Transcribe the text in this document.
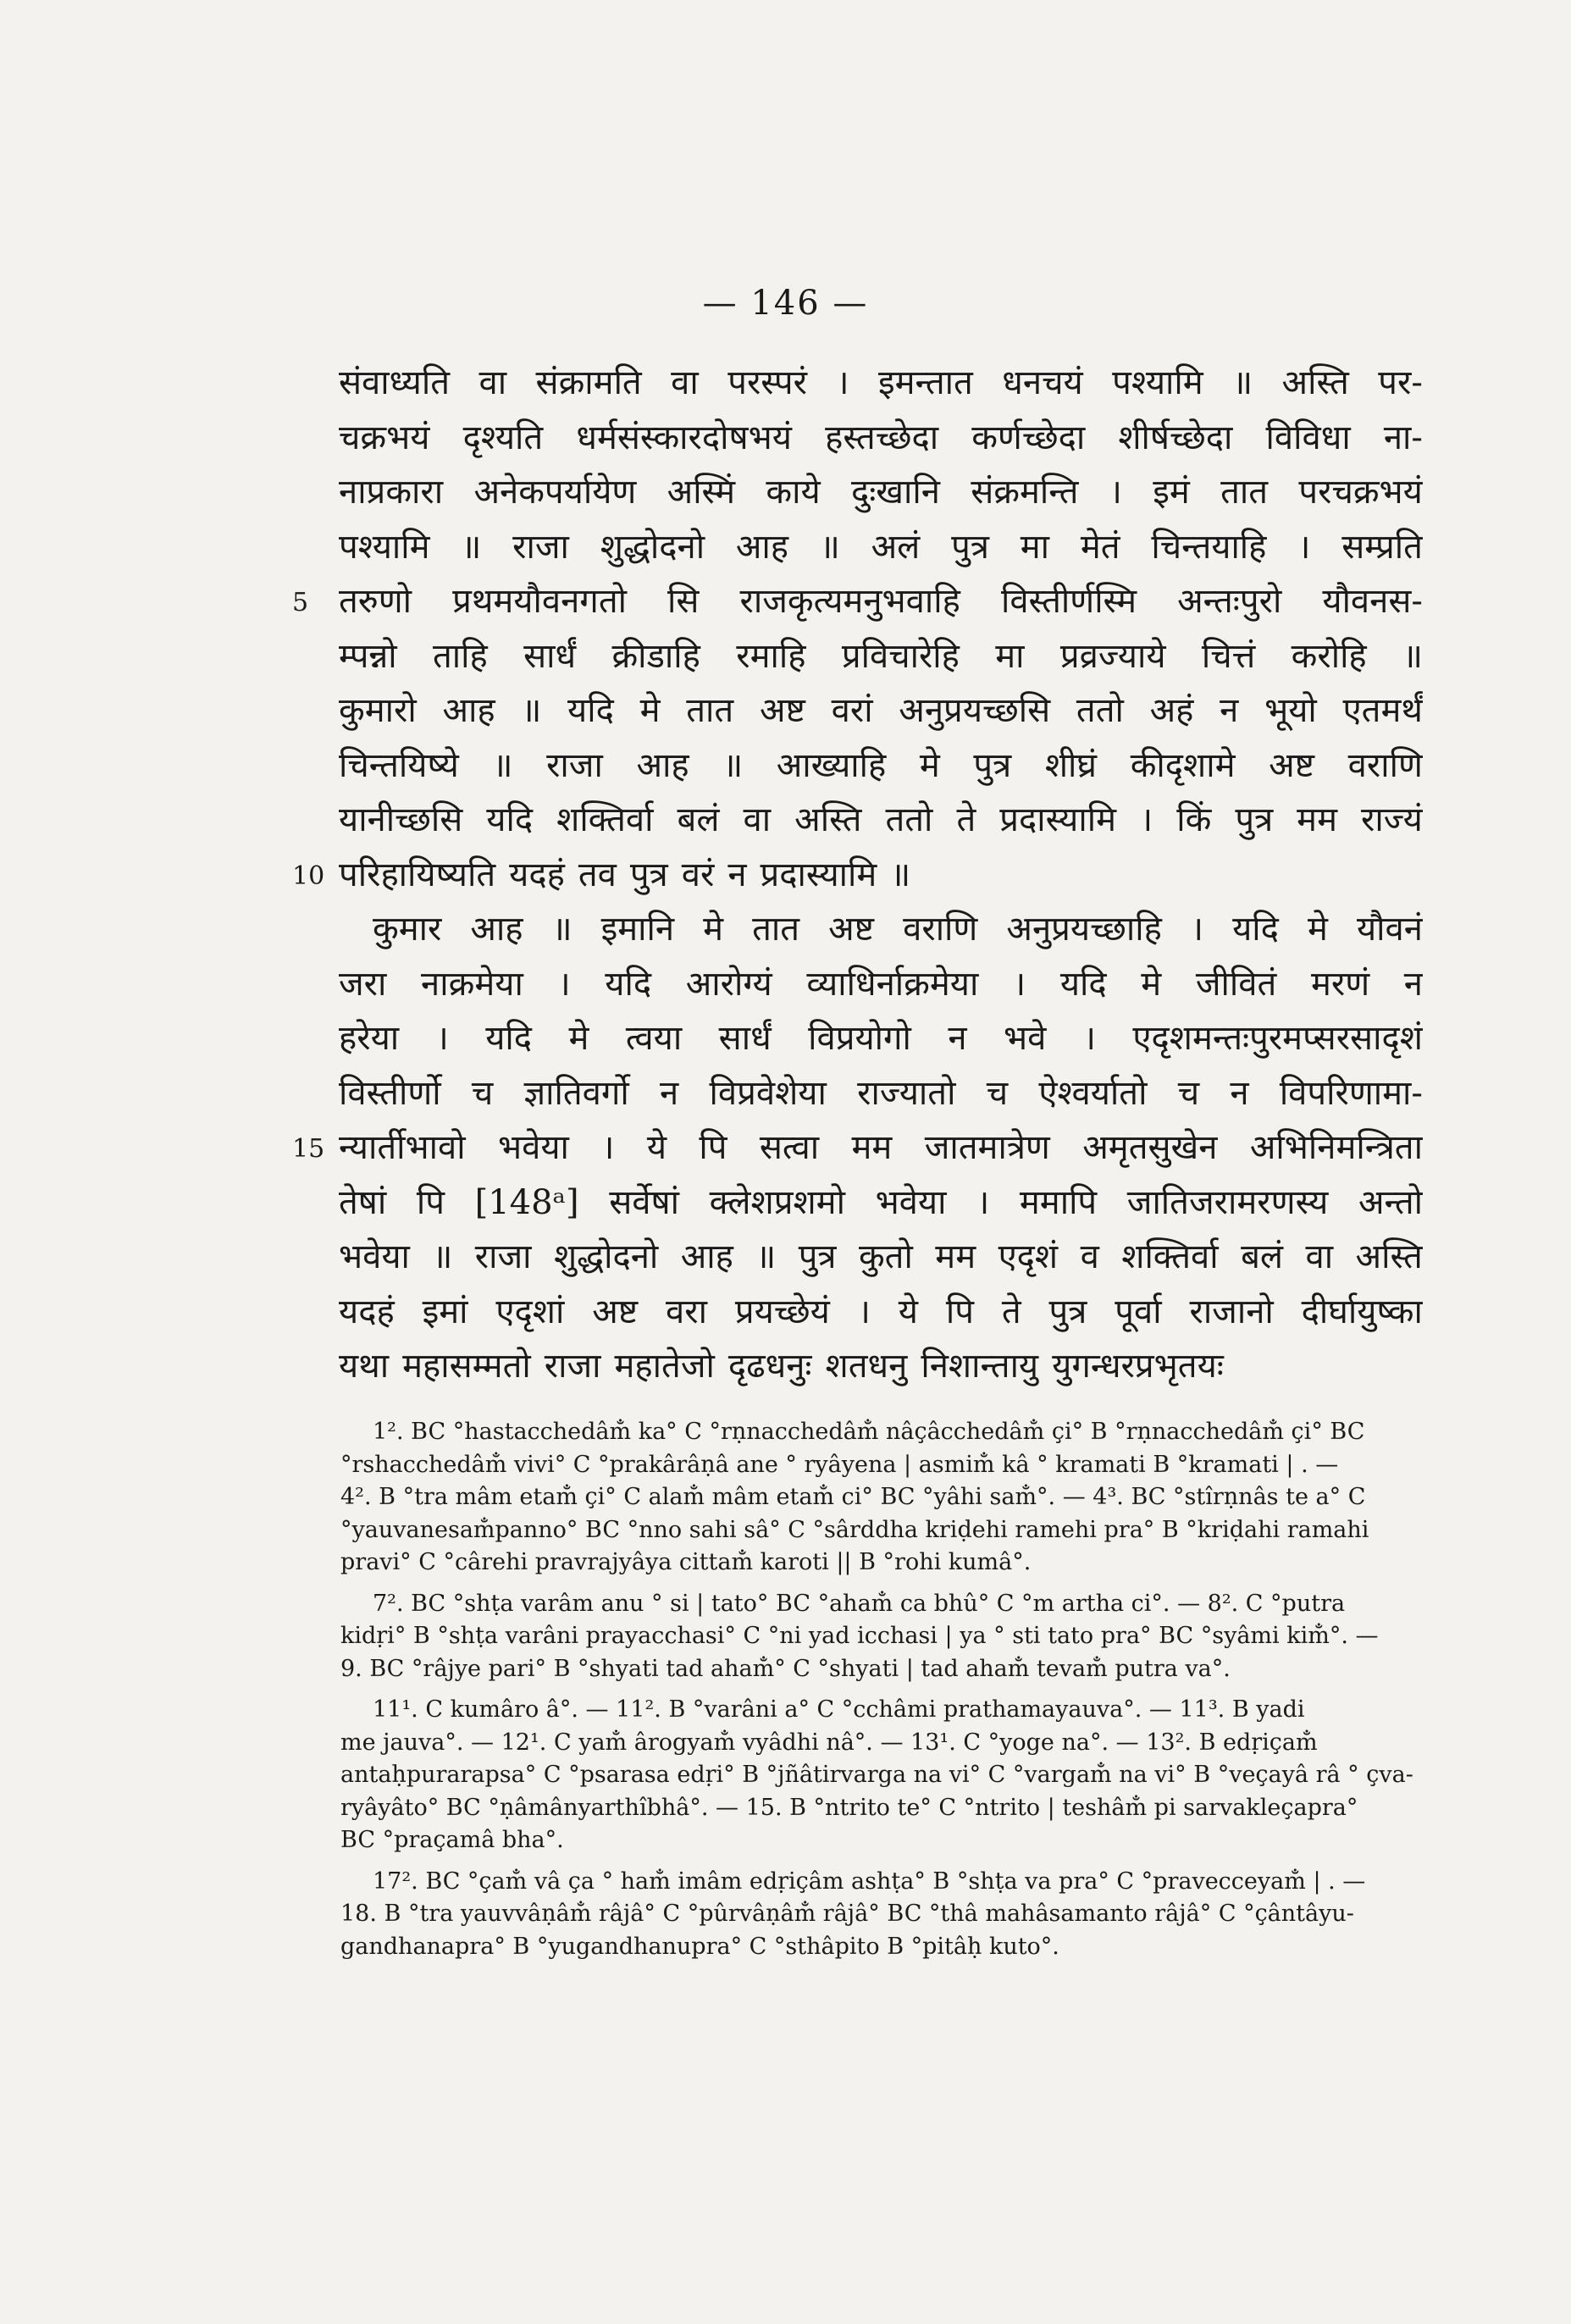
— 146 —
संवाध्यति वा संक्रामति वा परस्परं । इमन्तात धनचयं पश्यामि ॥ अस्ति पर-
चक्रभयं दृश्यति धर्मसंस्कारदोषभयं हस्तच्छेदा कर्णच्छेदा शीर्षच्छेदा विविधा ना-
नाप्रकारा अनेकपर्यायेण अस्मिं काये दुःखानि संक्रमन्ति । इमं तात परचक्रभयं
पश्यामि ॥ राजा शुद्धोदनो आह ॥ अलं पुत्र मा मेतं चिन्तयाहि । सम्प्रति
तरुणो प्रथमयौवनगतो सि राजकृत्यमनुभवाहि विस्तीर्णस्मि अन्तःपुरो यौवनस-
म्पन्नो ताहि सार्धं क्रीडाहि रमाहि प्रविचारेहि मा प्रव्रज्याये चित्तं करोहि ॥
कुमारो आह ॥ यदि मे तात अष्ट वरां अनुप्रयच्छसि ततो अहं न भूयो एतमर्थं
चिन्तयिष्ये ॥ राजा आह ॥ आख्याहि मे पुत्र शीघ्रं कीदृशामे अष्ट वराणि
यानीच्छसि यदि शक्तिर्वा बलं वा अस्ति ततो ते प्रदास्यामि । किं पुत्र मम राज्यं
परिहायिष्यति यदहं तव पुत्र वरं न प्रदास्यामि ॥
कुमार आह ॥ इमानि मे तात अष्ट वराणि अनुप्रयच्छाहि । यदि मे यौवनं
जरा नाक्रमेया । यदि आरोग्यं व्याधिर्नाक्रमेया । यदि मे जीवितं मरणं न
हरेया । यदि मे त्वया सार्धं विप्रयोगो न भवे । एदृशमन्तःपुरमप्सरसादृशं
विस्तीर्णो च ज्ञातिवर्गो न विप्रवेशेया राज्यातो च ऐश्वर्यातो च न विपरिणामा-
न्यार्तीभावो भवेया । ये पि सत्वा मम जातमात्रेण अमृतसुखेन अभिनिमन्त्रिता
तेषां पि [148ᵃ] सर्वेषां क्लेशप्रशमो भवेया । ममापि जातिजरामरणस्य अन्तो
भवेया ॥ राजा शुद्धोदनो आह ॥ पुत्र कुतो मम एदृशं व शक्तिर्वा बलं वा अस्ति
यदहं इमां एदृशां अष्ट वरा प्रयच्छेयं । ये पि ते पुत्र पूर्वा राजानो दीर्घायुष्का
यथा महासम्मतो राजा महातेजो दृढधनुः शतधनु निशान्तायु युगन्धरप्रभृतयः
5
10
15
1². BC °hastacchedâm̐ ka° C °rṇnacchedâm̐ nâçâcchedâm̐ çi° B °rṇnacchedâm̐ çi° BC
°rshacchedâm̐ vivi° C °prakârâṇâ ane ° ryâyena | asmim̐ kâ ° kramati B °kramati | . —
4². B °tra mâm etam̐ çi° C alam̐ mâm etam̐ ci° BC °yâhi sam̐°. — 4³. BC °stîrṇnâs te a° C
°yauvanesam̐panno° BC °nno sahi sâ° C °sârddha kriḍehi ramehi pra° B °kriḍahi ramahi
pravi° C °cârehi pravrajyâya cittam̐ karoti || B °rohi kumâ°.
7². BC °shṭa varâm anu ° si | tato° BC °aham̐ ca bhû° C °m artha ci°. — 8². C °putra
kidṛi° B °shṭa varâni prayacchasi° C °ni yad icchasi | ya ° sti tato pra° BC °syâmi kim̐°. —
9. BC °râjye pari° B °shyati tad aham̐° C °shyati | tad aham̐ tevam̐ putra va°.
11¹. C kumâro â°. — 11². B °varâni a° C °cchâmi prathamayauva°. — 11³. B yadi
me jauva°. — 12¹. C yam̐ ârogyam̐ vyâdhi nâ°. — 13¹. C °yoge na°. — 13². B edṛiçam̐
antaḥpurarapsa° C °psarasa edṛi° B °jñâtirvarga na vi° C °vargam̐ na vi° B °veçayâ râ ° çva-
ryâyâto° BC °ṇâmânyarthîbhâ°. — 15. B °ntrito te° C °ntrito | teshâm̐ pi sarvakleçapra°
BC °praçamâ bha°.
17². BC °çam̐ vâ ça ° ham̐ imâm edṛiçâm ashṭa° B °shṭa va pra° C °pravecceyam̐ | . —
18. B °tra yauvvâṇâm̐ râjâ° C °pûrvâṇâm̐ râjâ° BC °thâ mahâsamanto râjâ° C °çântâyu-
gandhanapra° B °yugandhanupra° C °sthâpito B °pitâḥ kuto°.
